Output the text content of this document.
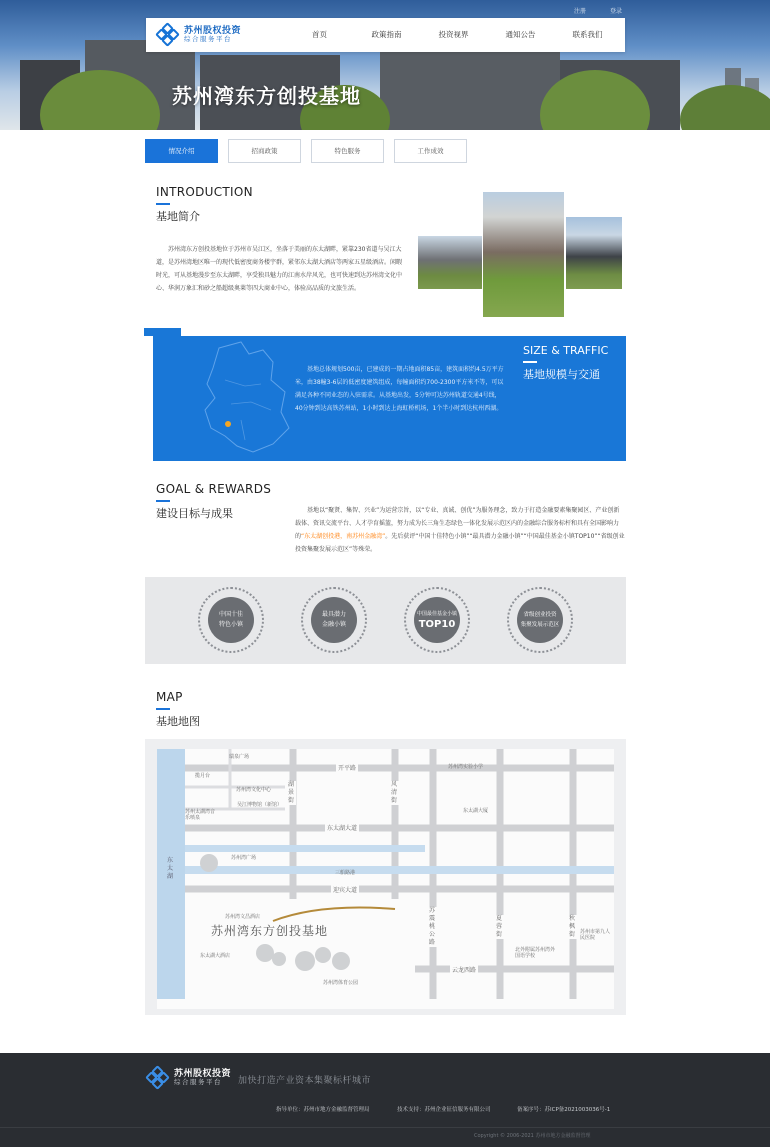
注册	登录
苏州股权投资
综合服务平台
首页	政策指南	投资视界	通知公告	联系我们
苏州湾东方创投基地
情况介绍	招商政策	特色服务	工作成效
INTRODUCTION
基地简介
苏州湾东方创投基地位于苏州市吴江区，坐落于美丽的东太湖畔，紧靠230省道与吴江大道，是苏州湾地区唯一的现代低密度商务楼宇群，紧邻东太湖大酒店等两家五星级酒店。闲暇时光，可从基地漫步至东太湖畔，享受独具魅力的江南水岸风光，也可快速到达苏州湾文化中心、华润万象汇和砂之船超级奥莱等四大商业中心，体验高品质的文旅生活。
基地总体规划500亩，已建成的一期占地面积85亩，建筑面积约4.5万平方米，由38幢3-6层的低密度建筑组成，每幢面积约700-2300平方米不等，可以满足各种不同业态的入驻需求。从基地出发，5分钟可达苏州轨道交通4号线，40分钟到达高铁苏州站，1小时到达上海虹桥机场，1个半小时到达杭州西湖。
SIZE & TRAFFIC
基地规模与交通
GOAL & REWARDS
建设目标与成果	基地以“聚贤、集智、兴业”为运营宗旨，以“专业、真诚、创优”为服务理念，致力于打造金融要素集聚园区、产业创新载体、资讯交流平台、人才孕育摇篮，努力成为长三角生态绿色一体化发展示范区内的金融综合服务标杆和具有全国影响力的“东太湖创投港，南苏州金融湾”。先后获评“中国十佳特色小镇”“最具潜力金融小镇”“中国最佳基金小镇TOP10”“省级创业投资集聚发展示范区”等殊荣。
中国十佳
特色小镇
最具潜力
金融小镇
中国最佳基金小镇
TOP10
省级创业投资
集聚发展示范区
MAP
基地地图
苏州湾东方创投基地
开平路
东太湖大道
三船路港
迎宾大道
云龙西路
湖景街
风清街
苏震桃公路
夏蓉街
秋枫街
东太湖
瑞泉广场
揽月台
苏州湾文化中心
苏州太湖湾音乐喷泉
吴江博物馆（新馆）
苏州湾广场
苏州湾实验小学
东太湖大厦
苏州湾文昌酒店
东太湖大酒店
苏州湾体育公园
北外附属苏州湾外国语学校
苏州市第九人民医院
苏州股权投资
综合服务平台	加快打造产业资本集聚标杆城市
指导单位：苏州市地方金融监督管理局	技术支持：苏州企业征信服务有限公司	备案序号：苏ICP备2021003036号-1
Copyright © 2006-2021 苏州市地方金融监督管理
